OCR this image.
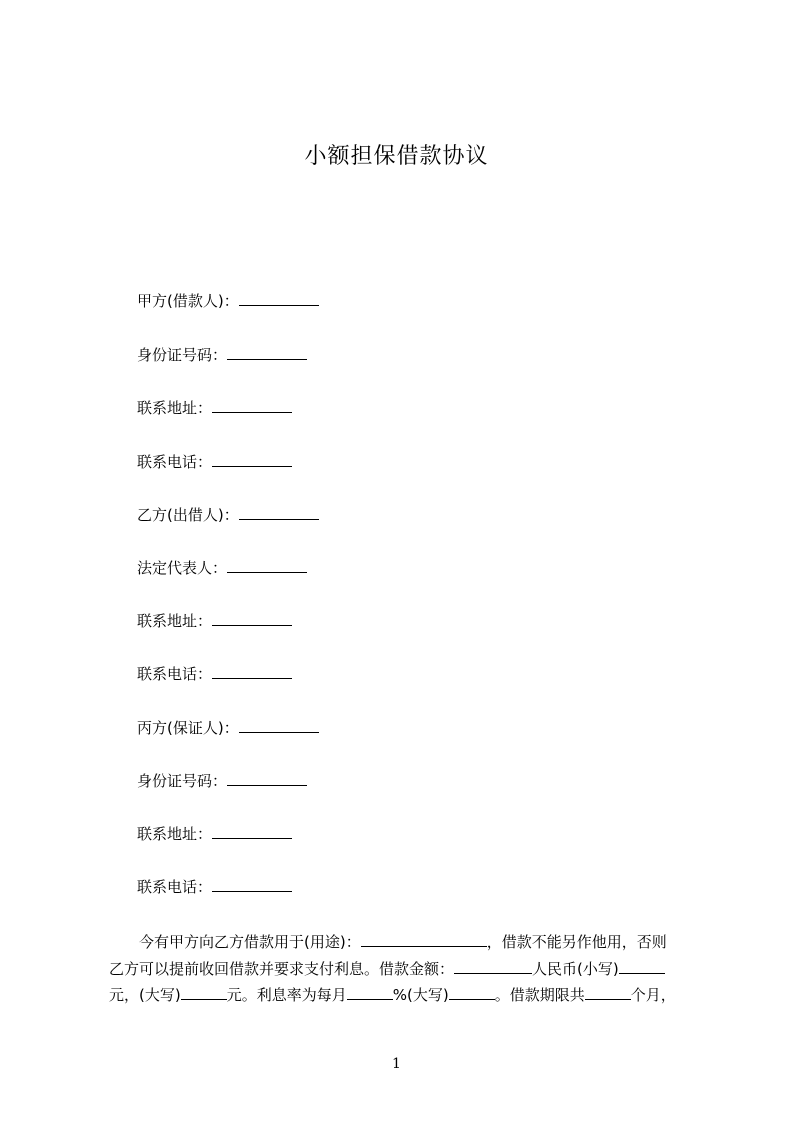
小额担保借款协议
甲方(借款人)：
身份证号码：
联系地址：
联系电话：
乙方(出借人)：
法定代表人：
联系地址：
联系电话：
丙方(保证人)：
身份证号码：
联系地址：
联系电话：
今有甲方向乙方借款用于(用途)：	，借款不能另作他用，否则
乙方可以提前收回借款并要求支付利息。借款金额：	人民币(小写)
元，(大写)	元。利息率为每月	%(大写)	。借款期限共	个月，
1
